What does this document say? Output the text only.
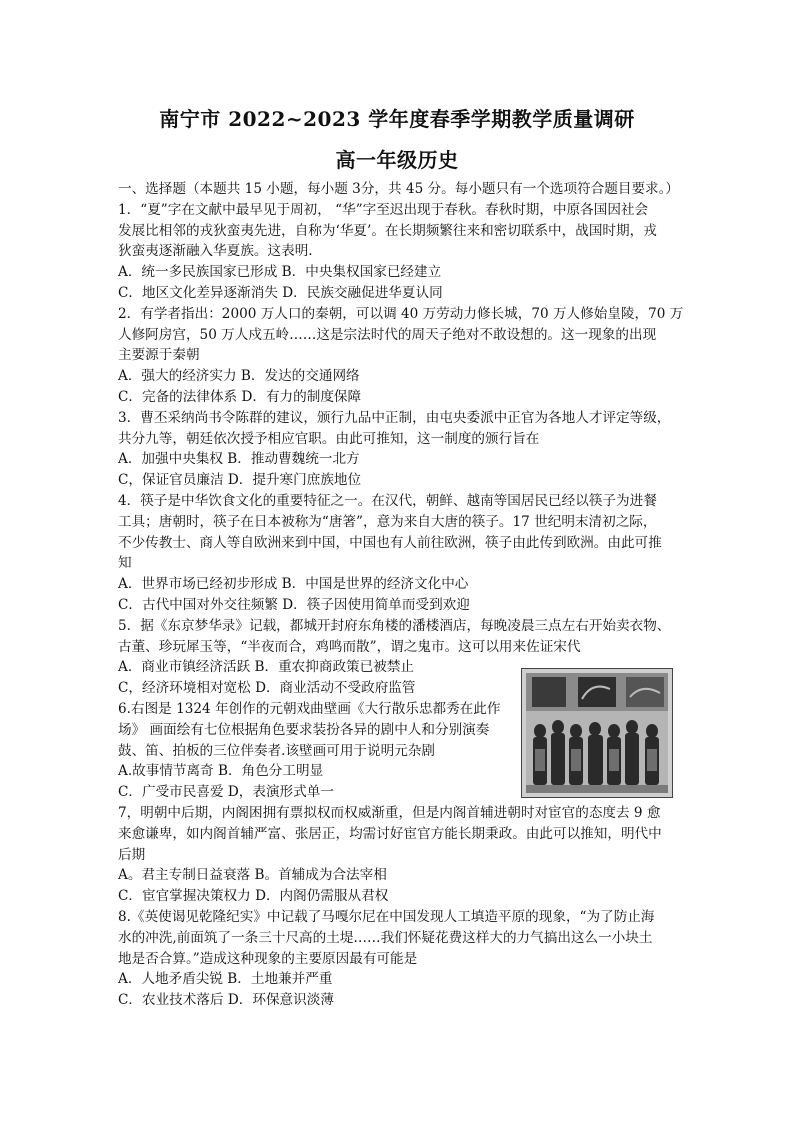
南宁市 2022~2023 学年度春季学期教学质量调研
高一年级历史
一、选择题（本题共 15 小题，每小题 3分，共 45 分。每小题只有一个选项符合题目要求。）
1．“夏”字在文献中最早见于周初， “华”字至迟出现于春秋。春秋时期，中原各国因社会
发展比相邻的戎狄蛮夷先进，自称为‘华夏’。在长期频繁往来和密切联系中，战国时期，戎
狄蛮夷逐渐融入华夏族。这表明.
A．统一多民族国家已形成 B．中央集权国家已经建立
C．地区文化差异逐渐消失 D．民族交融促进华夏认同
2．有学者指出：2000 万人口的秦朝，可以调 40 万劳动力修长城，70 万人修始皇陵，70 万
人修阿房宫，50 万人戍五岭……这是宗法时代的周天子绝对不敢设想的。这一现象的出现
主要源于秦朝
A．强大的经济实力 B．发达的交通网络
C．完备的法律体系 D．有力的制度保障
3．曹丕采纳尚书令陈群的建议，颁行九品中正制，由屯央委派中正官为各地人才评定等级，
共分九等，朝廷依次授予相应官职。由此可推知，这一制度的颁行旨在
A．加强中央集权 B．推动曹魏统一北方
C，保证官员廉洁 D．提升寒门庶族地位
4．筷子是中华饮食文化的重要特征之一。在汉代，朝鲜、越南等国居民已经以筷子为进餐
工具；唐朝时，筷子在日本被称为“唐箸”，意为来自大唐的筷子。17 世纪明末清初之际，
不少传教士、商人等自欧洲来到中国，中国也有人前往欧洲，筷子由此传到欧洲。由此可推
知
A．世界市场已经初步形成 B．中国是世界的经济文化中心
C．古代中国对外交往频繁 D．筷子因使用简单而受到欢迎
5．据《东京梦华录》记载，都城开封府东角楼的潘楼酒店，每晚凌晨三点左右开始卖衣物、
古董、珍玩犀玉等，“半夜而合，鸡鸣而散”，谓之鬼市。这可以用来佐证宋代
A．商业市镇经济活跃 B．重农抑商政策已被禁止
C，经济环境相对宽松 D．商业活动不受政府监管
6.右图是 1324 年创作的元朝戏曲壁画《大行散乐忠都秀在此作
场》 画面绘有七位根据角色要求装扮各异的剧中人和分别演奏
鼓、笛、拍板的三位伴奏者.该壁画可用于说明元杂剧
A.故事情节离奇 B．角色分工明显
C．广受市民喜爱 D，表演形式单一
7，明朝中后期，内阁困拥有票拟权而权威渐重，但是内阁首辅进朝时对宦官的态度去 9 愈
来愈谦卑，如内阁首辅严富、张居正，均需讨好宦官方能长期秉政。由此可以推知，明代中
后期
A。君主专制日益衰落 B。首辅成为合法宰相
C．宦官掌握决策权力 D．内阁仍需服从君权
8.《英使谒见乾隆纪实》中记载了马嘎尔尼在中国发现人工填造平原的现象，“为了防止海
水的冲洗,前面筑了一条三十尺高的土堤……我们怀疑花费这样大的力气搞出这么一小块土
地是否合算。”造成这种现象的主要原因最有可能是
A．人地矛盾尖锐 B．土地兼并严重
C．农业技术落后 D．环保意识淡薄
